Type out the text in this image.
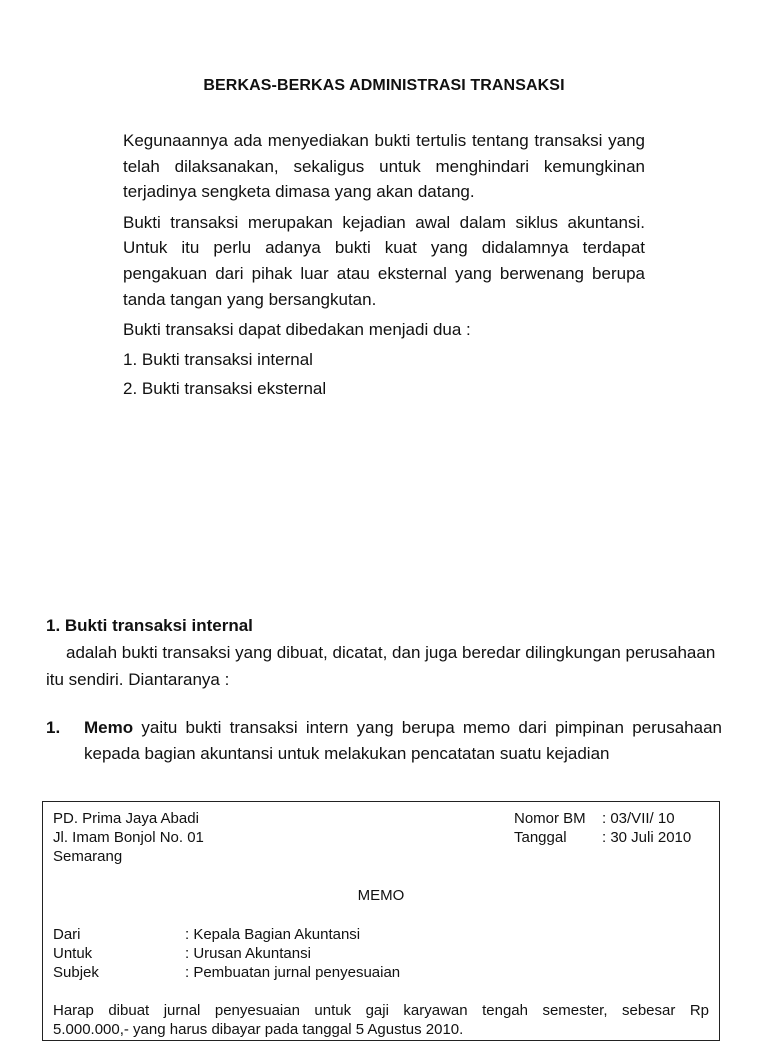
BERKAS-BERKAS ADMINISTRASI TRANSAKSI

Kegunaannya ada menyediakan bukti tertulis tentang transaksi yang telah dilaksanakan, sekaligus untuk menghindari kemungkinan terjadinya sengketa dimasa yang akan datang.

Bukti transaksi merupakan kejadian awal dalam siklus akuntansi. Untuk itu perlu adanya bukti kuat yang didalamnya terdapat pengakuan dari pihak luar atau eksternal yang berwenang berupa tanda tangan yang bersangkutan.

Bukti transaksi dapat dibedakan menjadi dua :

1. Bukti transaksi internal

2. Bukti transaksi eksternal

1. Bukti transaksi internal

adalah bukti transaksi yang dibuat, dicatat, dan juga beredar dilingkungan perusahaan itu sendiri. Diantaranya :

1. Memo yaitu bukti transaksi intern yang berupa memo dari pimpinan perusahaan kepada bagian akuntansi untuk melakukan pencatatan suatu kejadian
PD. Prima Jaya Abadi
Jl. Imam Bonjol No. 01
Semarang
Nomor BM : 03/VII/ 10
Tanggal : 30 Juli 2010
MEMO
Dari	: Kepala Bagian Akuntansi
Untuk	: Urusan Akuntansi
Subjek	: Pembuatan jurnal penyesuaian
Harap dibuat jurnal penyesuaian untuk gaji karyawan tengah semester, sebesar Rp
5.000.000,- yang harus dibayar pada tanggal 5 Agustus 2010.
